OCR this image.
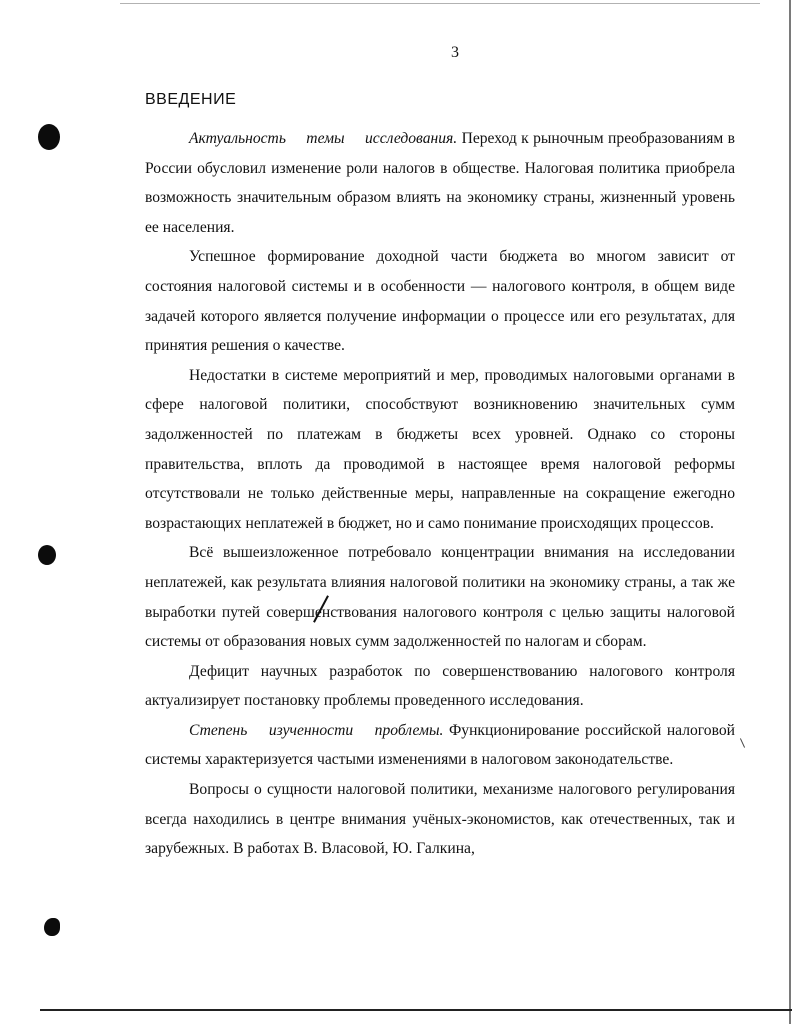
3
ВВЕДЕНИЕ

Актуальность темы исследования. Переход к рыночным преобразованиям в России обусловил изменение роли налогов в обществе. Налоговая политика приобрела возможность значительным образом влиять на экономику страны, жизненный уровень ее населения.

Успешное формирование доходной части бюджета во многом зависит от состояния налоговой системы и в особенности — налогового контроля, в общем виде задачей которого является получение информации о процессе или его результатах, для принятия решения о качестве.

Недостатки в системе мероприятий и мер, проводимых налоговыми органами в сфере налоговой политики, способствуют возникновению значительных сумм задолженностей по платежам в бюджеты всех уровней. Однако со стороны правительства, вплоть да проводимой в настоящее время налоговой реформы отсутствовали не только действенные меры, направленные на сокращение ежегодно возрастающих неплатежей в бюджет, но и само понимание происходящих процессов.

Всё вышеизложенное потребовало концентрации внимания на исследовании неплатежей, как результата влияния налоговой политики на экономику страны, а так же выработки путей совершенствования налогового контроля с целью защиты налоговой системы от образования новых сумм задолженностей по налогам и сборам.

Дефицит научных разработок по совершенствованию налогового контроля актуализирует постановку проблемы проведенного исследования.

Степень изученности проблемы. Функционирование российской налоговой системы характеризуется частыми изменениями в налоговом законодательстве.

Вопросы о сущности налоговой политики, механизме налогового регулирования всегда находились в центре внимания учёных-экономистов, как отечественных, так и зарубежных. В работах В. Власовой, Ю. Галкина,
